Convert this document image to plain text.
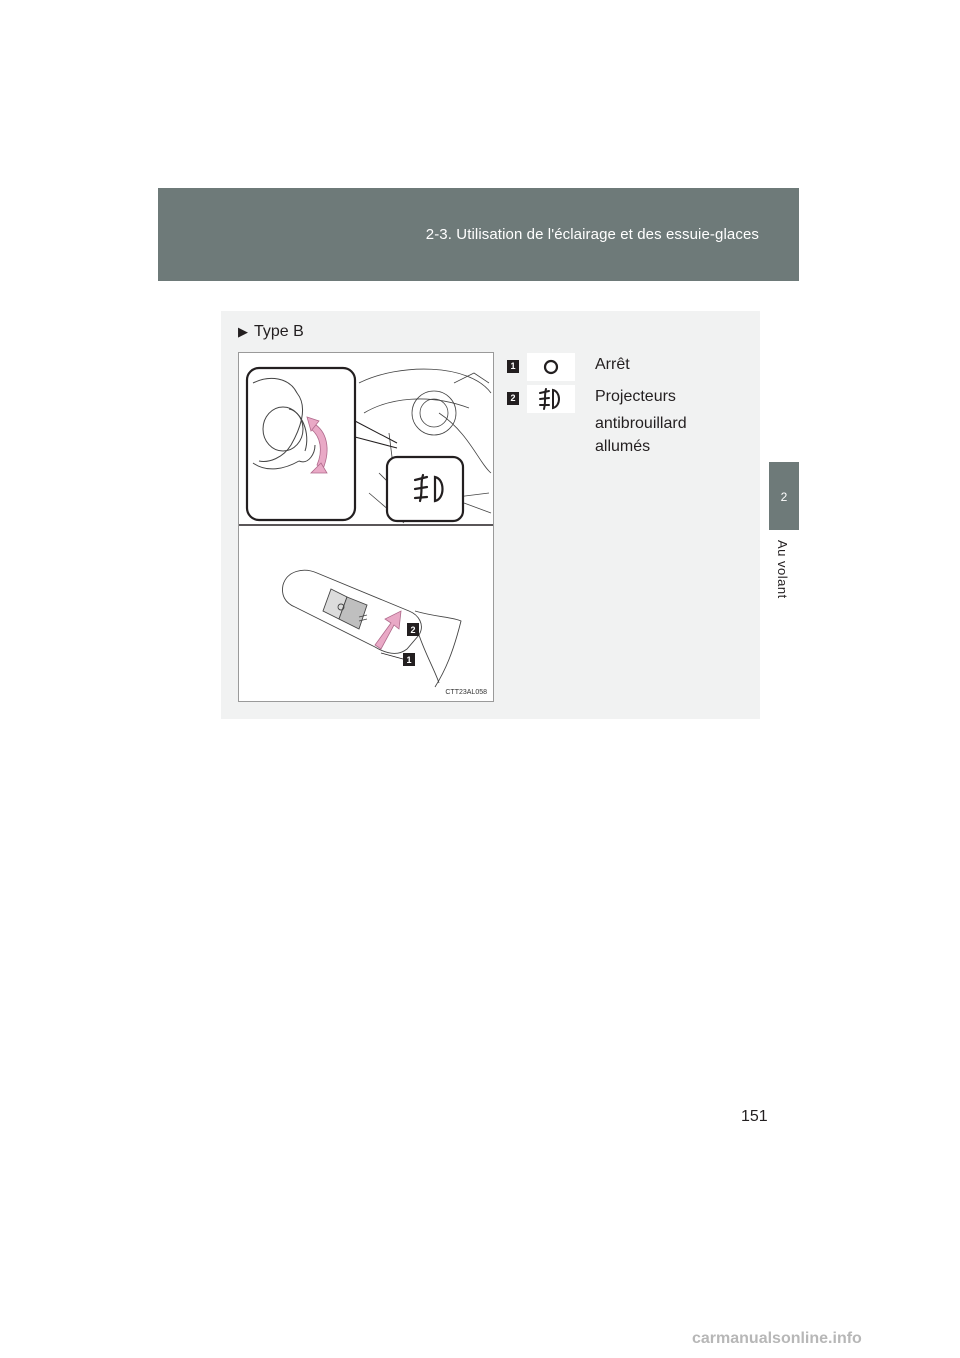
2-3. Utilisation de l'éclairage et des essuie-glaces
2
Au volant
▶ Type B
2
1
CTT23AL058
1	Arrêt
2	Projecteurs
antibrouillard
allumés
151
carmanualsonline.info
